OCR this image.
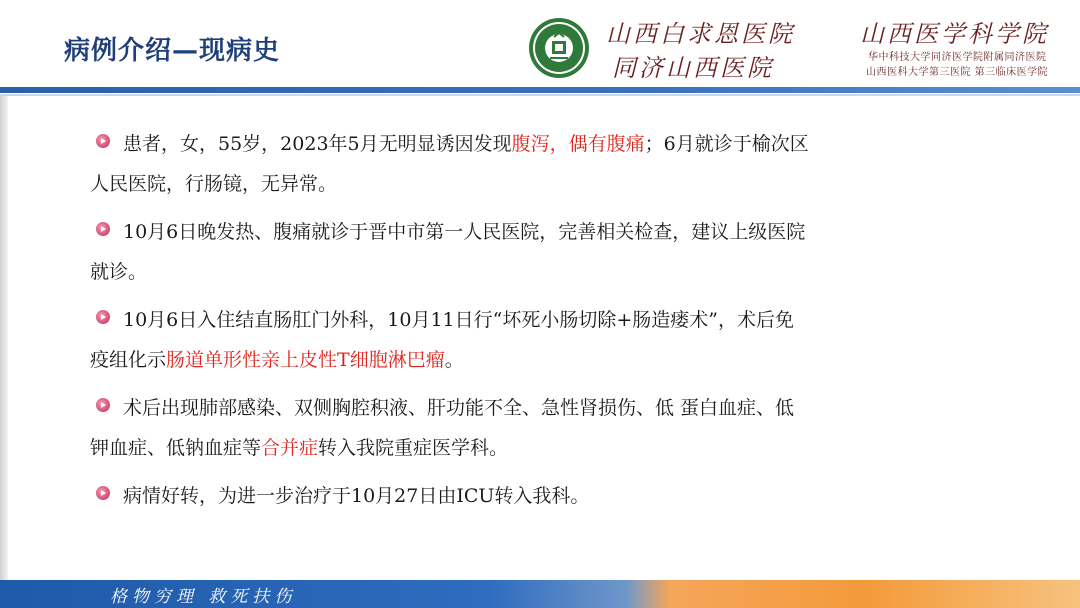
病例介绍—现病史
山西白求恩医院
同济山西医院
山西医学科学院
华中科技大学同济医学院附属同济医院
山西医科大学第三医院 第三临床医学院
患者，女，55岁，2023年5月无明显诱因发现腹泻，偶有腹痛；6月就诊于榆次区
人民医院，行肠镜，无异常。
10月6日晚发热、腹痛就诊于晋中市第一人民医院，完善相关检查，建议上级医院
就诊。
10月6日入住结直肠肛门外科，10月11日行“坏死小肠切除+肠造瘘术”，术后免
疫组化示肠道单形性亲上皮性T细胞淋巴瘤。
术后出现肺部感染、双侧胸腔积液、肝功能不全、急性肾损伤、低 蛋白血症、低
钾血症、低钠血症等合并症转入我院重症医学科。
病情好转，为进一步治疗于10月27日由ICU转入我科。
格物穷理 救死扶伤
